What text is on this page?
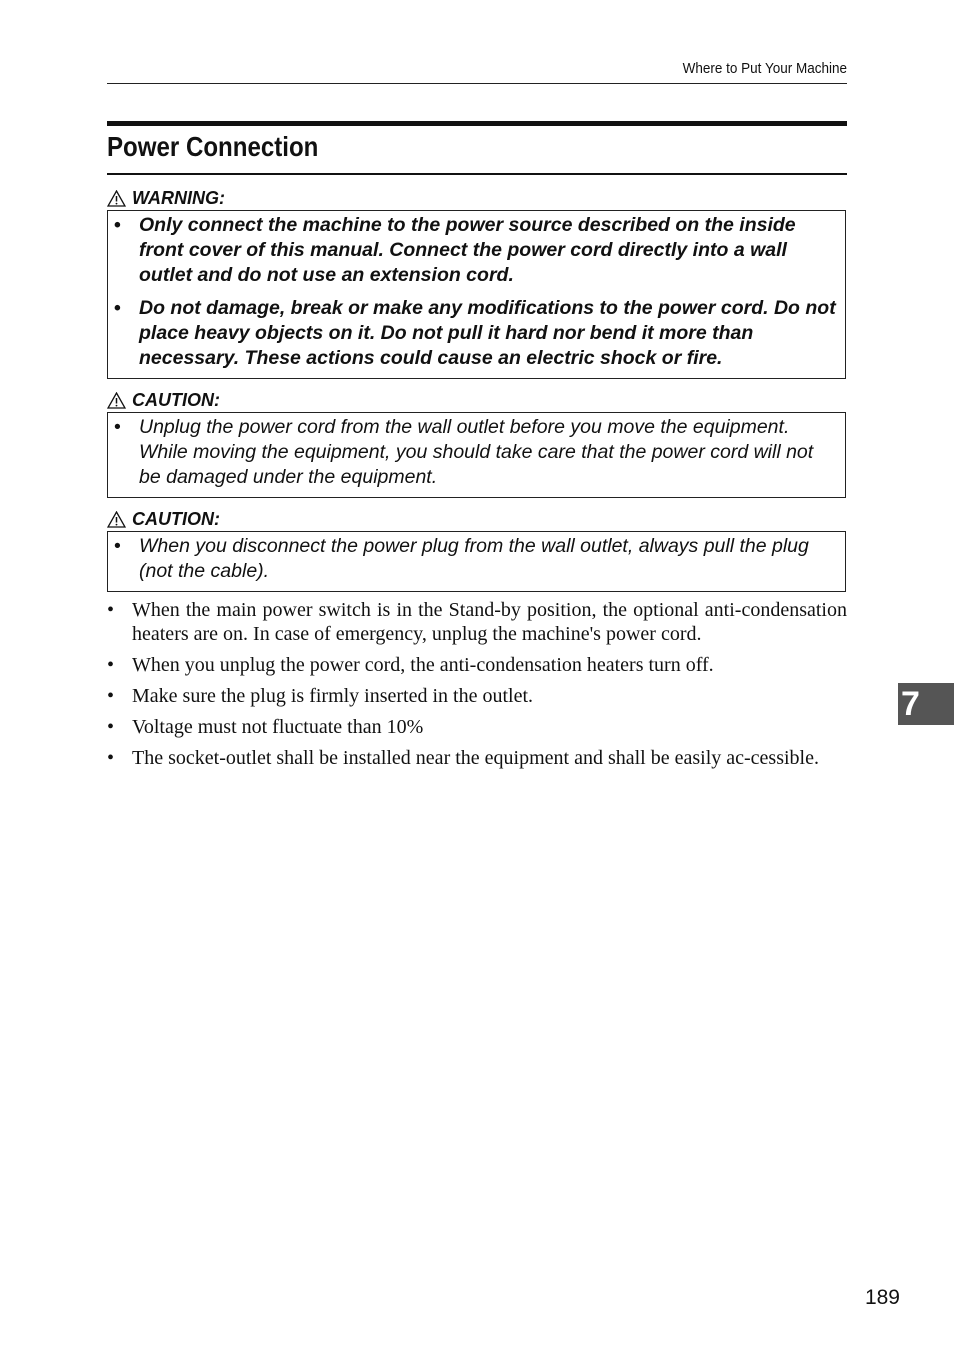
Where to Put Your Machine
Power Connection
WARNING:
• Only connect the machine to the power source described on the inside front cover of this manual. Connect the power cord directly into a wall outlet and do not use an extension cord.
• Do not damage, break or make any modifications to the power cord. Do not place heavy objects on it. Do not pull it hard nor bend it more than necessary. These actions could cause an electric shock or fire.
CAUTION:
• Unplug the power cord from the wall outlet before you move the equipment. While moving the equipment, you should take care that the power cord will not be damaged under the equipment.
CAUTION:
• When you disconnect the power plug from the wall outlet, always pull the plug (not the cable).
• When the main power switch is in the Stand-by position, the optional anti-condensation heaters are on. In case of emergency, unplug the machine's power cord.
• When you unplug the power cord, the anti-condensation heaters turn off.
• Make sure the plug is firmly inserted in the outlet.
• Voltage must not fluctuate than 10%
• The socket-outlet shall be installed near the equipment and shall be easily ac-cessible.
7
189
